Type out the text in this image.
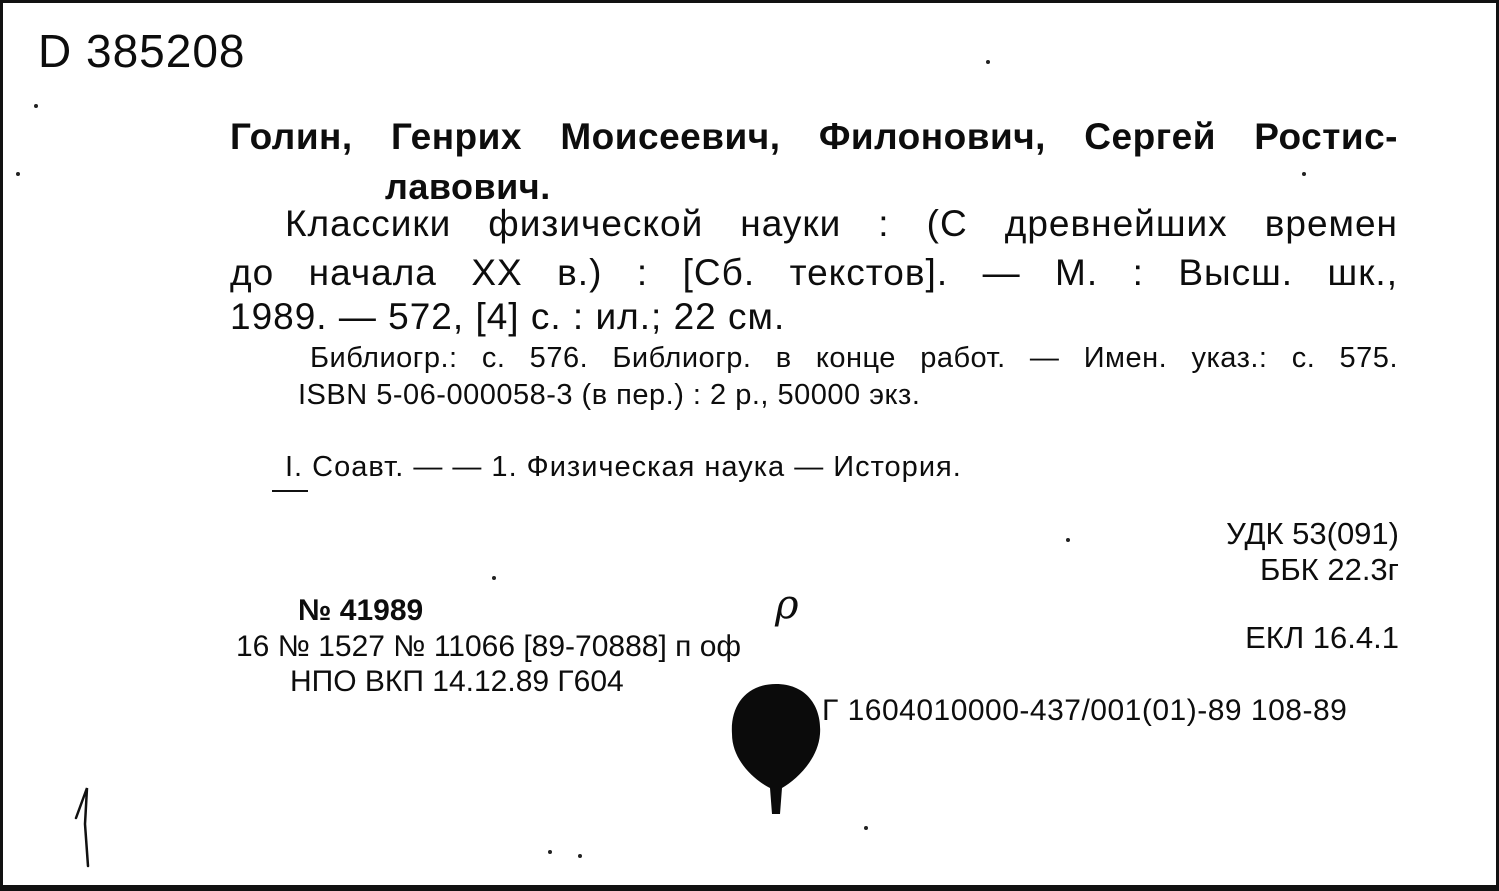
D 385208
Голин, Генрих Моисеевич, Филонович, Сергей Ростис-
лавович.
Классики физической науки : (С древнейших времен
до начала XX в.) : [Сб. текстов]. — М. : Высш. шк.,
1989. — 572, [4] с. : ил.; 22 см.
Библиогр.: с. 576. Библиогр. в конце работ. — Имен. указ.: с. 575.
ISBN 5-06-000058-3 (в пер.) : 2 р., 50000 экз.
I. Соавт. — — 1. Физическая наука — История.
УДК 53(091)
ББК 22.3г
ЕКЛ 16.4.1
№ 41989
16 № 1527 № 11066 [89-70888] п оф
НПО ВКП 14.12.89 Г604
ρ
Г 1604010000-437/001(01)-89 108-89
